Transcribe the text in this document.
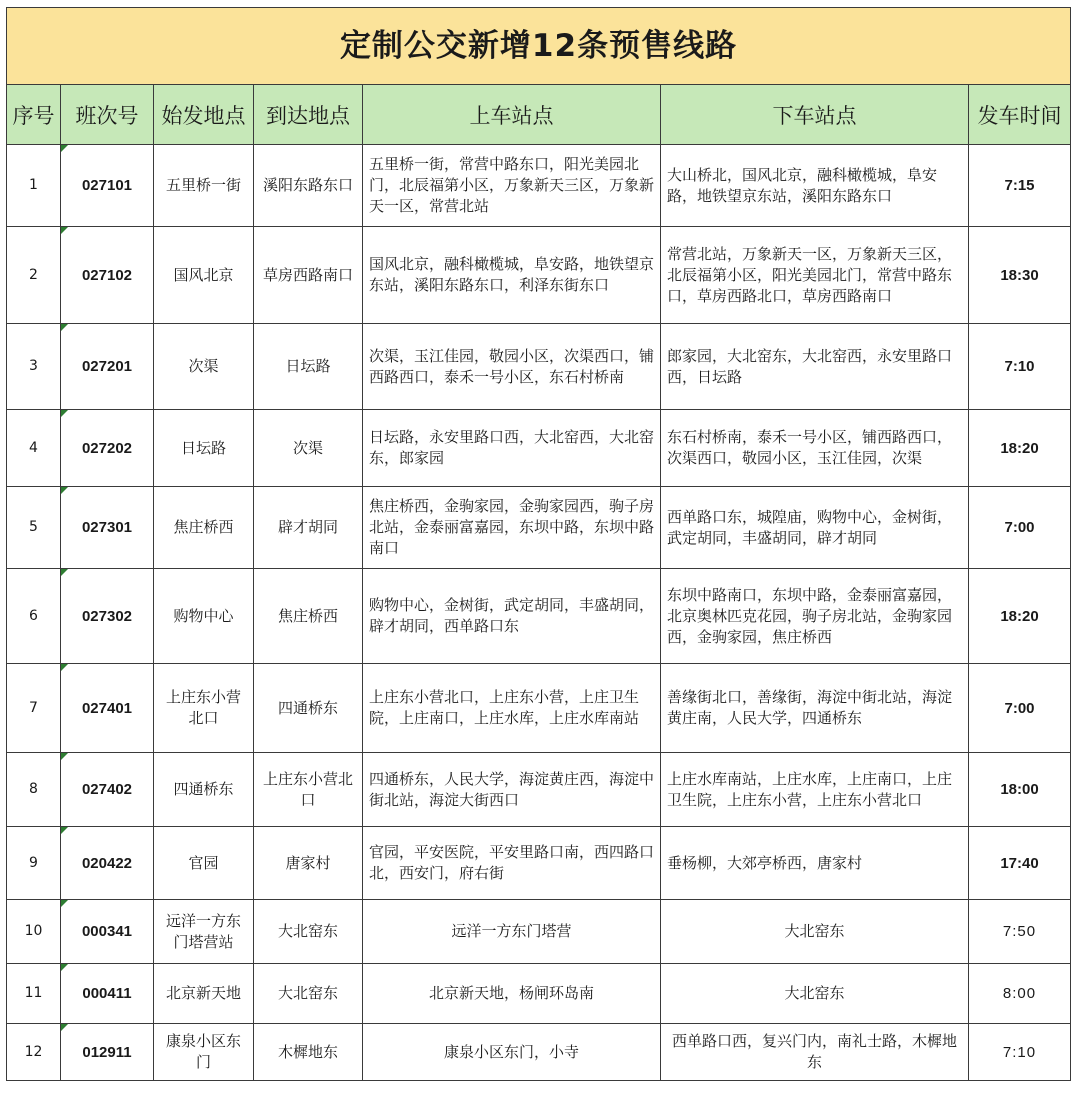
定制公交新增12条预售线路						
序号	班次号	始发地点	到达地点	上车站点	下车站点	发车时间
1	027101	五里桥一街	溪阳东路东口	五里桥一街，常营中路东口，阳光美园北门，北辰福第小区，万象新天三区，万象新天一区，常营北站	大山桥北，国风北京，融科橄榄城，阜安路，地铁望京东站，溪阳东路东口	7:15
2	027102	国风北京	草房西路南口	国风北京，融科橄榄城，阜安路，地铁望京东站，溪阳东路东口，利泽东街东口	常营北站，万象新天一区，万象新天三区，北辰福第小区，阳光美园北门，常营中路东口，草房西路北口，草房西路南口	18:30
3	027201	次渠	日坛路	次渠，玉江佳园，敬园小区，次渠西口，铺西路西口，泰禾一号小区，东石村桥南	郎家园，大北窑东，大北窑西，永安里路口西，日坛路	7:10
4	027202	日坛路	次渠	日坛路，永安里路口西，大北窑西，大北窑东，郎家园	东石村桥南，泰禾一号小区，铺西路西口，次渠西口，敬园小区，玉江佳园，次渠	18:20
5	027301	焦庄桥西	辟才胡同	焦庄桥西，金驹家园，金驹家园西，驹子房北站，金泰丽富嘉园，东坝中路，东坝中路南口	西单路口东，城隍庙，购物中心，金树街，武定胡同，丰盛胡同，辟才胡同	7:00
6	027302	购物中心	焦庄桥西	购物中心，金树街，武定胡同，丰盛胡同，辟才胡同，西单路口东	东坝中路南口，东坝中路，金泰丽富嘉园，北京奥林匹克花园，驹子房北站，金驹家园西，金驹家园，焦庄桥西	18:20
7	027401	上庄东小营北口	四通桥东	上庄东小营北口，上庄东小营，上庄卫生院，上庄南口，上庄水库，上庄水库南站	善缘街北口，善缘街，海淀中街北站，海淀黄庄南，人民大学，四通桥东	7:00
8	027402	四通桥东	上庄东小营北口	四通桥东，人民大学，海淀黄庄西，海淀中街北站，海淀大街西口	上庄水库南站，上庄水库，上庄南口，上庄卫生院，上庄东小营，上庄东小营北口	18:00
9	020422	官园	唐家村	官园，平安医院，平安里路口南，西四路口北，西安门，府右街	垂杨柳，大郊亭桥西，唐家村	17:40
10	000341	远洋一方东门塔营站	大北窑东	远洋一方东门塔营	大北窑东	7:50
11	000411	北京新天地	大北窑东	北京新天地，杨闸环岛南	大北窑东	8:00
12	012911	康泉小区东门	木樨地东	康泉小区东门，小寺	西单路口西，复兴门内，南礼士路，木樨地东	7:10
